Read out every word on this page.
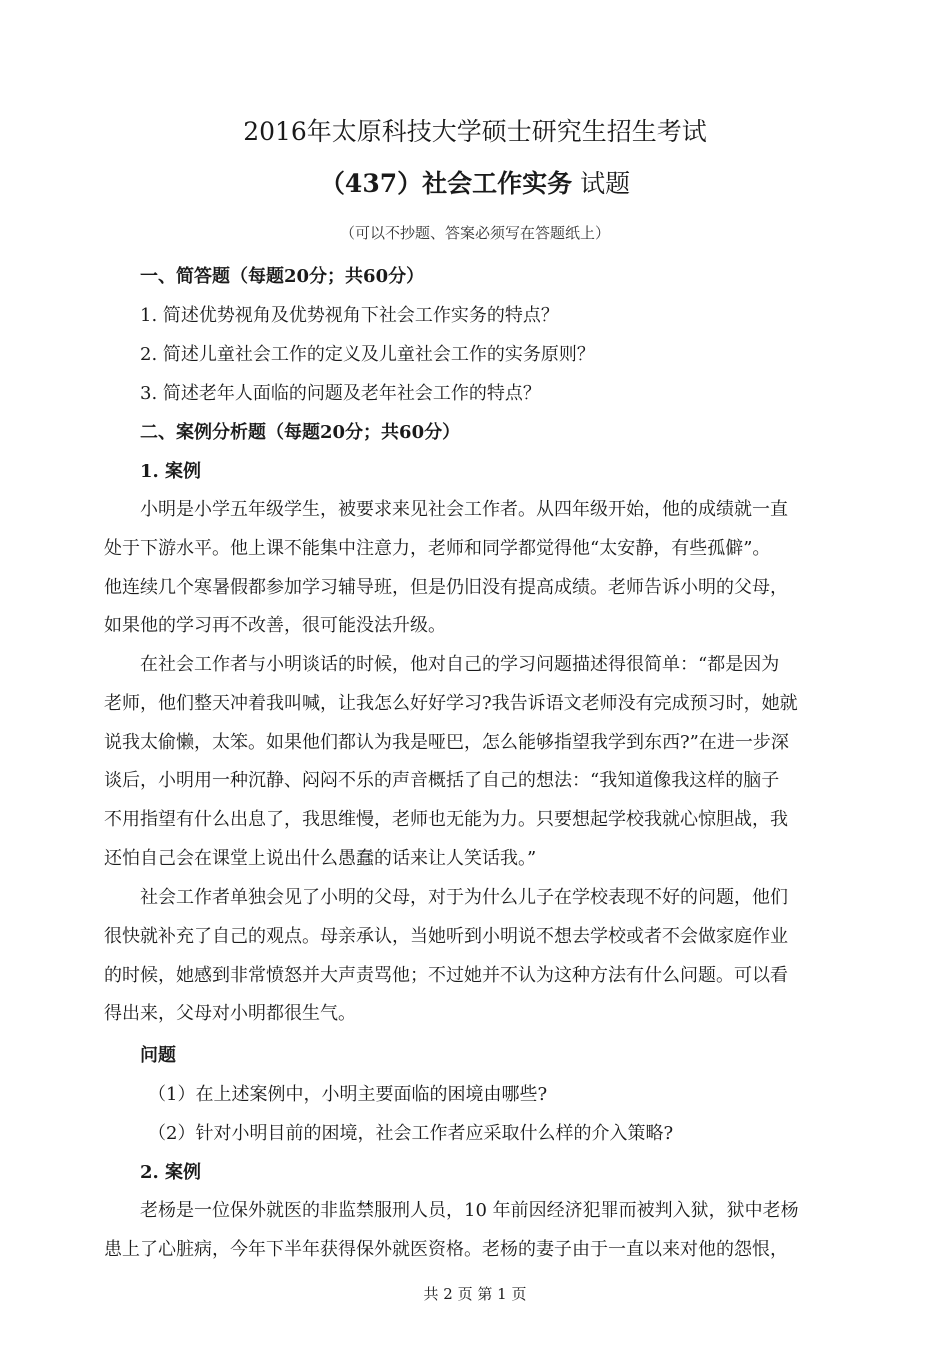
2016年太原科技大学硕士研究生招生考试
（437）社会工作实务 试题
（可以不抄题、答案必须写在答题纸上）
一、简答题（每题20分；共60分）
1. 简述优势视角及优势视角下社会工作实务的特点？
2. 简述儿童社会工作的定义及儿童社会工作的实务原则？
3. 简述老年人面临的问题及老年社会工作的特点？
二、案例分析题（每题20分；共60分）
1. 案例
小明是小学五年级学生，被要求来见社会工作者。从四年级开始，他的成绩就一直
处于下游水平。他上课不能集中注意力，老师和同学都觉得他“太安静，有些孤僻”。
他连续几个寒暑假都参加学习辅导班，但是仍旧没有提高成绩。老师告诉小明的父母，
如果他的学习再不改善，很可能没法升级。
在社会工作者与小明谈话的时候，他对自己的学习问题描述得很简单：“都是因为
老师，他们整天冲着我叫喊，让我怎么好好学习?我告诉语文老师没有完成预习时，她就
说我太偷懒，太笨。如果他们都认为我是哑巴，怎么能够指望我学到东西?”在进一步深
谈后，小明用一种沉静、闷闷不乐的声音概括了自己的想法：“我知道像我这样的脑子
不用指望有什么出息了，我思维慢，老师也无能为力。只要想起学校我就心惊胆战，我
还怕自己会在课堂上说出什么愚蠢的话来让人笑话我。”
社会工作者单独会见了小明的父母，对于为什么儿子在学校表现不好的问题，他们
很快就补充了自己的观点。母亲承认，当她听到小明说不想去学校或者不会做家庭作业
的时候，她感到非常愤怒并大声责骂他；不过她并不认为这种方法有什么问题。可以看
得出来，父母对小明都很生气。
问题
（1）在上述案例中，小明主要面临的困境由哪些?
（2）针对小明目前的困境，社会工作者应采取什么样的介入策略?
2. 案例
老杨是一位保外就医的非监禁服刑人员，10 年前因经济犯罪而被判入狱，狱中老杨
患上了心脏病，今年下半年获得保外就医资格。老杨的妻子由于一直以来对他的怨恨，
共 2 页 第 1 页
